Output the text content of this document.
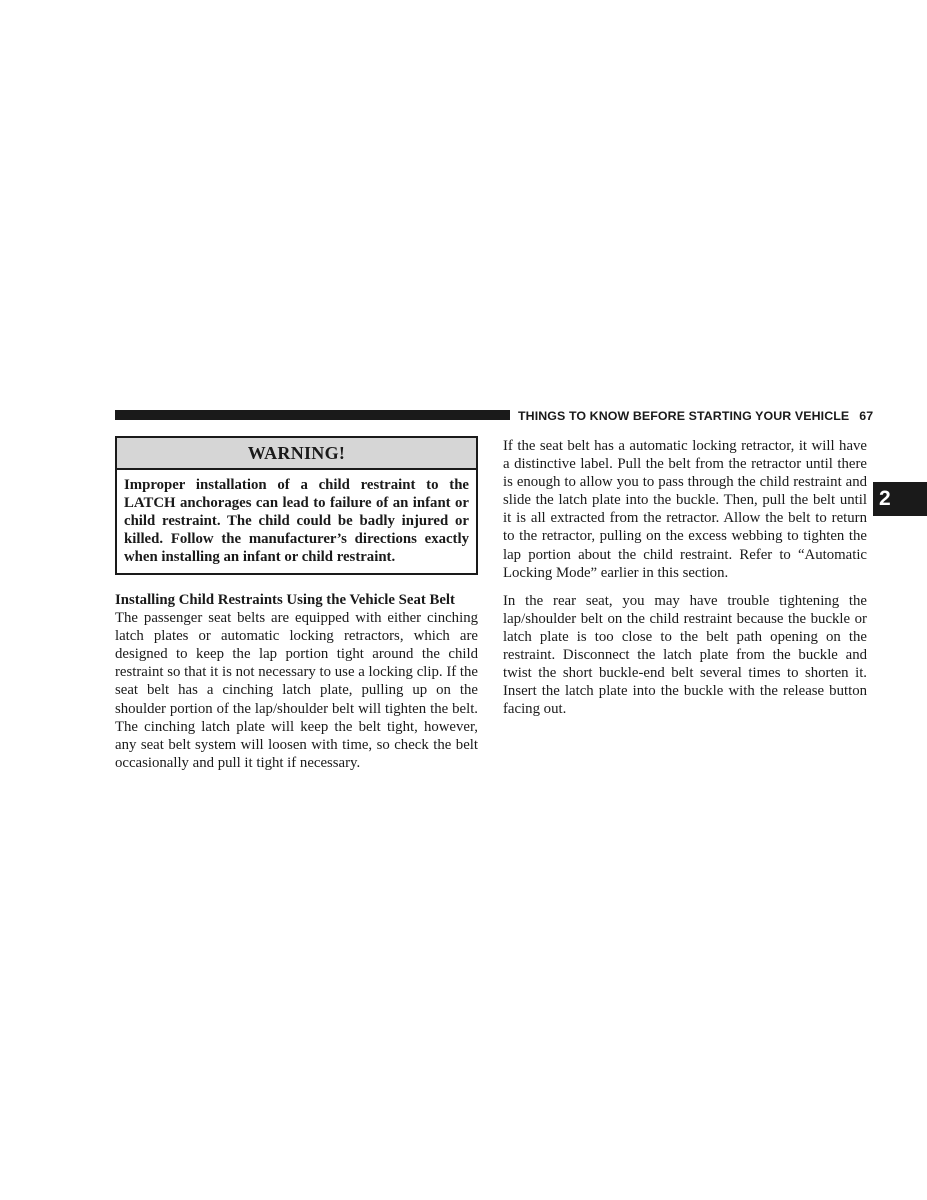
THINGS TO KNOW BEFORE STARTING YOUR VEHICLE 67
2
WARNING!
Improper installation of a child restraint to the LATCH anchorages can lead to failure of an infant or child restraint. The child could be badly injured or killed. Follow the manufacturer’s directions exactly when installing an infant or child restraint.
Installing Child Restraints Using the Vehicle Seat Belt

The passenger seat belts are equipped with either cinching latch plates or automatic locking retractors, which are designed to keep the lap portion tight around the child restraint so that it is not necessary to use a locking clip. If the seat belt has a cinching latch plate, pulling up on the shoulder portion of the lap/shoulder belt will tighten the belt. The cinching latch plate will keep the belt tight, however, any seat belt system will loosen with time, so check the belt occasionally and pull it tight if necessary.

If the seat belt has a automatic locking retractor, it will have a distinctive label. Pull the belt from the retractor until there is enough to allow you to pass through the child restraint and slide the latch plate into the buckle. Then, pull the belt until it is all extracted from the retractor. Allow the belt to return to the retractor, pulling on the excess webbing to tighten the lap portion about the child restraint. Refer to “Automatic Locking Mode” earlier in this section.

In the rear seat, you may have trouble tightening the lap/shoulder belt on the child restraint because the buckle or latch plate is too close to the belt path opening on the restraint. Disconnect the latch plate from the buckle and twist the short buckle-end belt several times to shorten it. Insert the latch plate into the buckle with the release button facing out.
